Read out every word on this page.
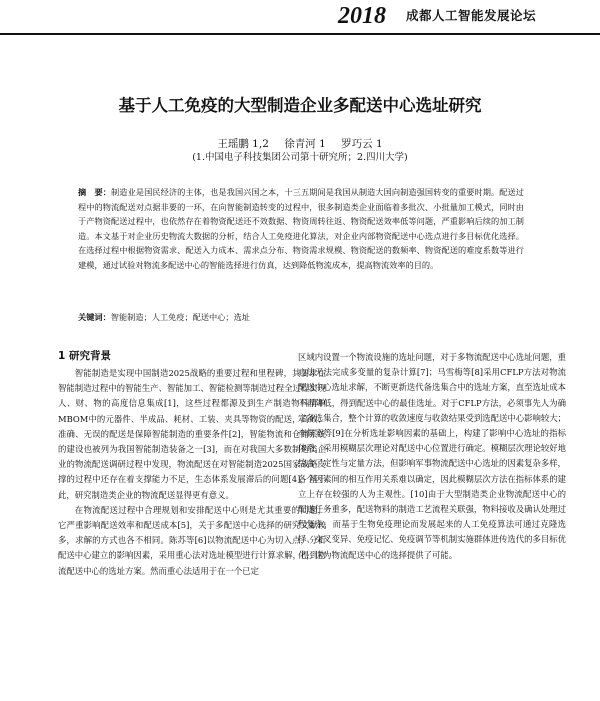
2018 成都人工智能发展论坛
基于人工免疫的大型制造企业多配送中心选址研究
王瑶鹏 1,2 徐青河 1 罗巧云 1
(1.中国电子科技集团公司第十研究所；2.四川大学)
摘　要：制造业是国民经济的主体，也是我国兴国之本，十三五期间是我国从制造大国向制造强国转变的重要时期。配送过程中的物流配送对点据非要的一环，在向智能制造转变的过程中，很多制造类企业面临着多批次、小批量加工模式，同时由于产物资配送过程中，也依然存在着物资配送还不效数据、物资周转往返、物资配送效率低等问题，严重影响后续的加工制造。本文基于对企业历史物流大数据的分析，结合人工免疫进化算法，对企业内部物资配送中心选点进行多目标优化选择。在选择过程中根据物资需求、配送入力成本、需求点分布、物资需求规模、物资配送的数频率、物资配送的难度系数等进行建模，通过试验对物流多配送中心的智能选择进行仿真，达到降低物流成本，提高物流效率的目的。
关键词：智能制造；人工免疫；配送中心；选址
1 研究背景

智能制造是实现中国制造2025战略的重要过程和里程碑，其要求在智能制造过程中的智能生产、智能加工、智能检测等制造过程全过程实现人、财、物的高度信息集成[1]，这些过程都源及到生产制造物料清单MBOM中的元器件、半成品、耗材、工装、夹具等物资的配送，高效、准确、无误的配送是保障智能制造的重要条件[2]，智能物流和仓储系统的建设也被列为我国智能制造装备之一[3]，而在对我国大多数制造类企业的物流配送调研过程中发现，物流配送在对智能制造2025国家战略支撑的过程中还存在着支撑能力不足，生态体系发展滞后的问题[4]，基于此，研究制造类企业的物流配送显得更有意义。

在物流配送过程中合理规划和安排配送中心则是尤其重要的问题，它严重影响配送效率和配送成本[5]，关于多配送中心选择的研究文献较多，求解的方式也各不相同。陈苏等[6]以物流配送中心为切入点，分析配送中心建立的影响因素，采用重心法对选址模型进行计算求解，得到物流配送中心的选址方案。然而重心法适用于在一个已定

区域内设置一个物流设施的选址问题，对于多物流配送中心选址问题，重心法无法完成多变量的复杂计算[7]；马雪梅等[8]采用CFLP方法对物流配送中心选址求解，不断更新迭代备选集合中的选址方案，直至选址成本不再降低，得到配送中心的最佳选址。对于CFLP方法，必须事先人为确定备选集合，整个计算的收敛速度与收敛结果受到选配送中心影响较大；李振宽等[9]在分析选址影响因素的基础上，构建了影响中心选址的指标体系，采用模糊层次理论对配送中心位置进行确定。模糊层次理论较好地综合了定性与定量方法，但影响军事物流配送中心选址的因素复杂多样，各个因素间的相互作用关系难以确定，因此模糊层次方法在指标体系的建立上存在较强的人为主观性。[10]由于大型制造类企业物流配送中心的配送任务重多，配送物料的制造工艺流程关联强，物料接收及确认处理过程复杂，而基于生物免疫理论而发展起来的人工免疫算法可通过克隆选择、交叉变异、免疫记忆、免疫调节等机制实施群体进传选代的多目标优化，这为物流配送中心的选择提供了可能。
